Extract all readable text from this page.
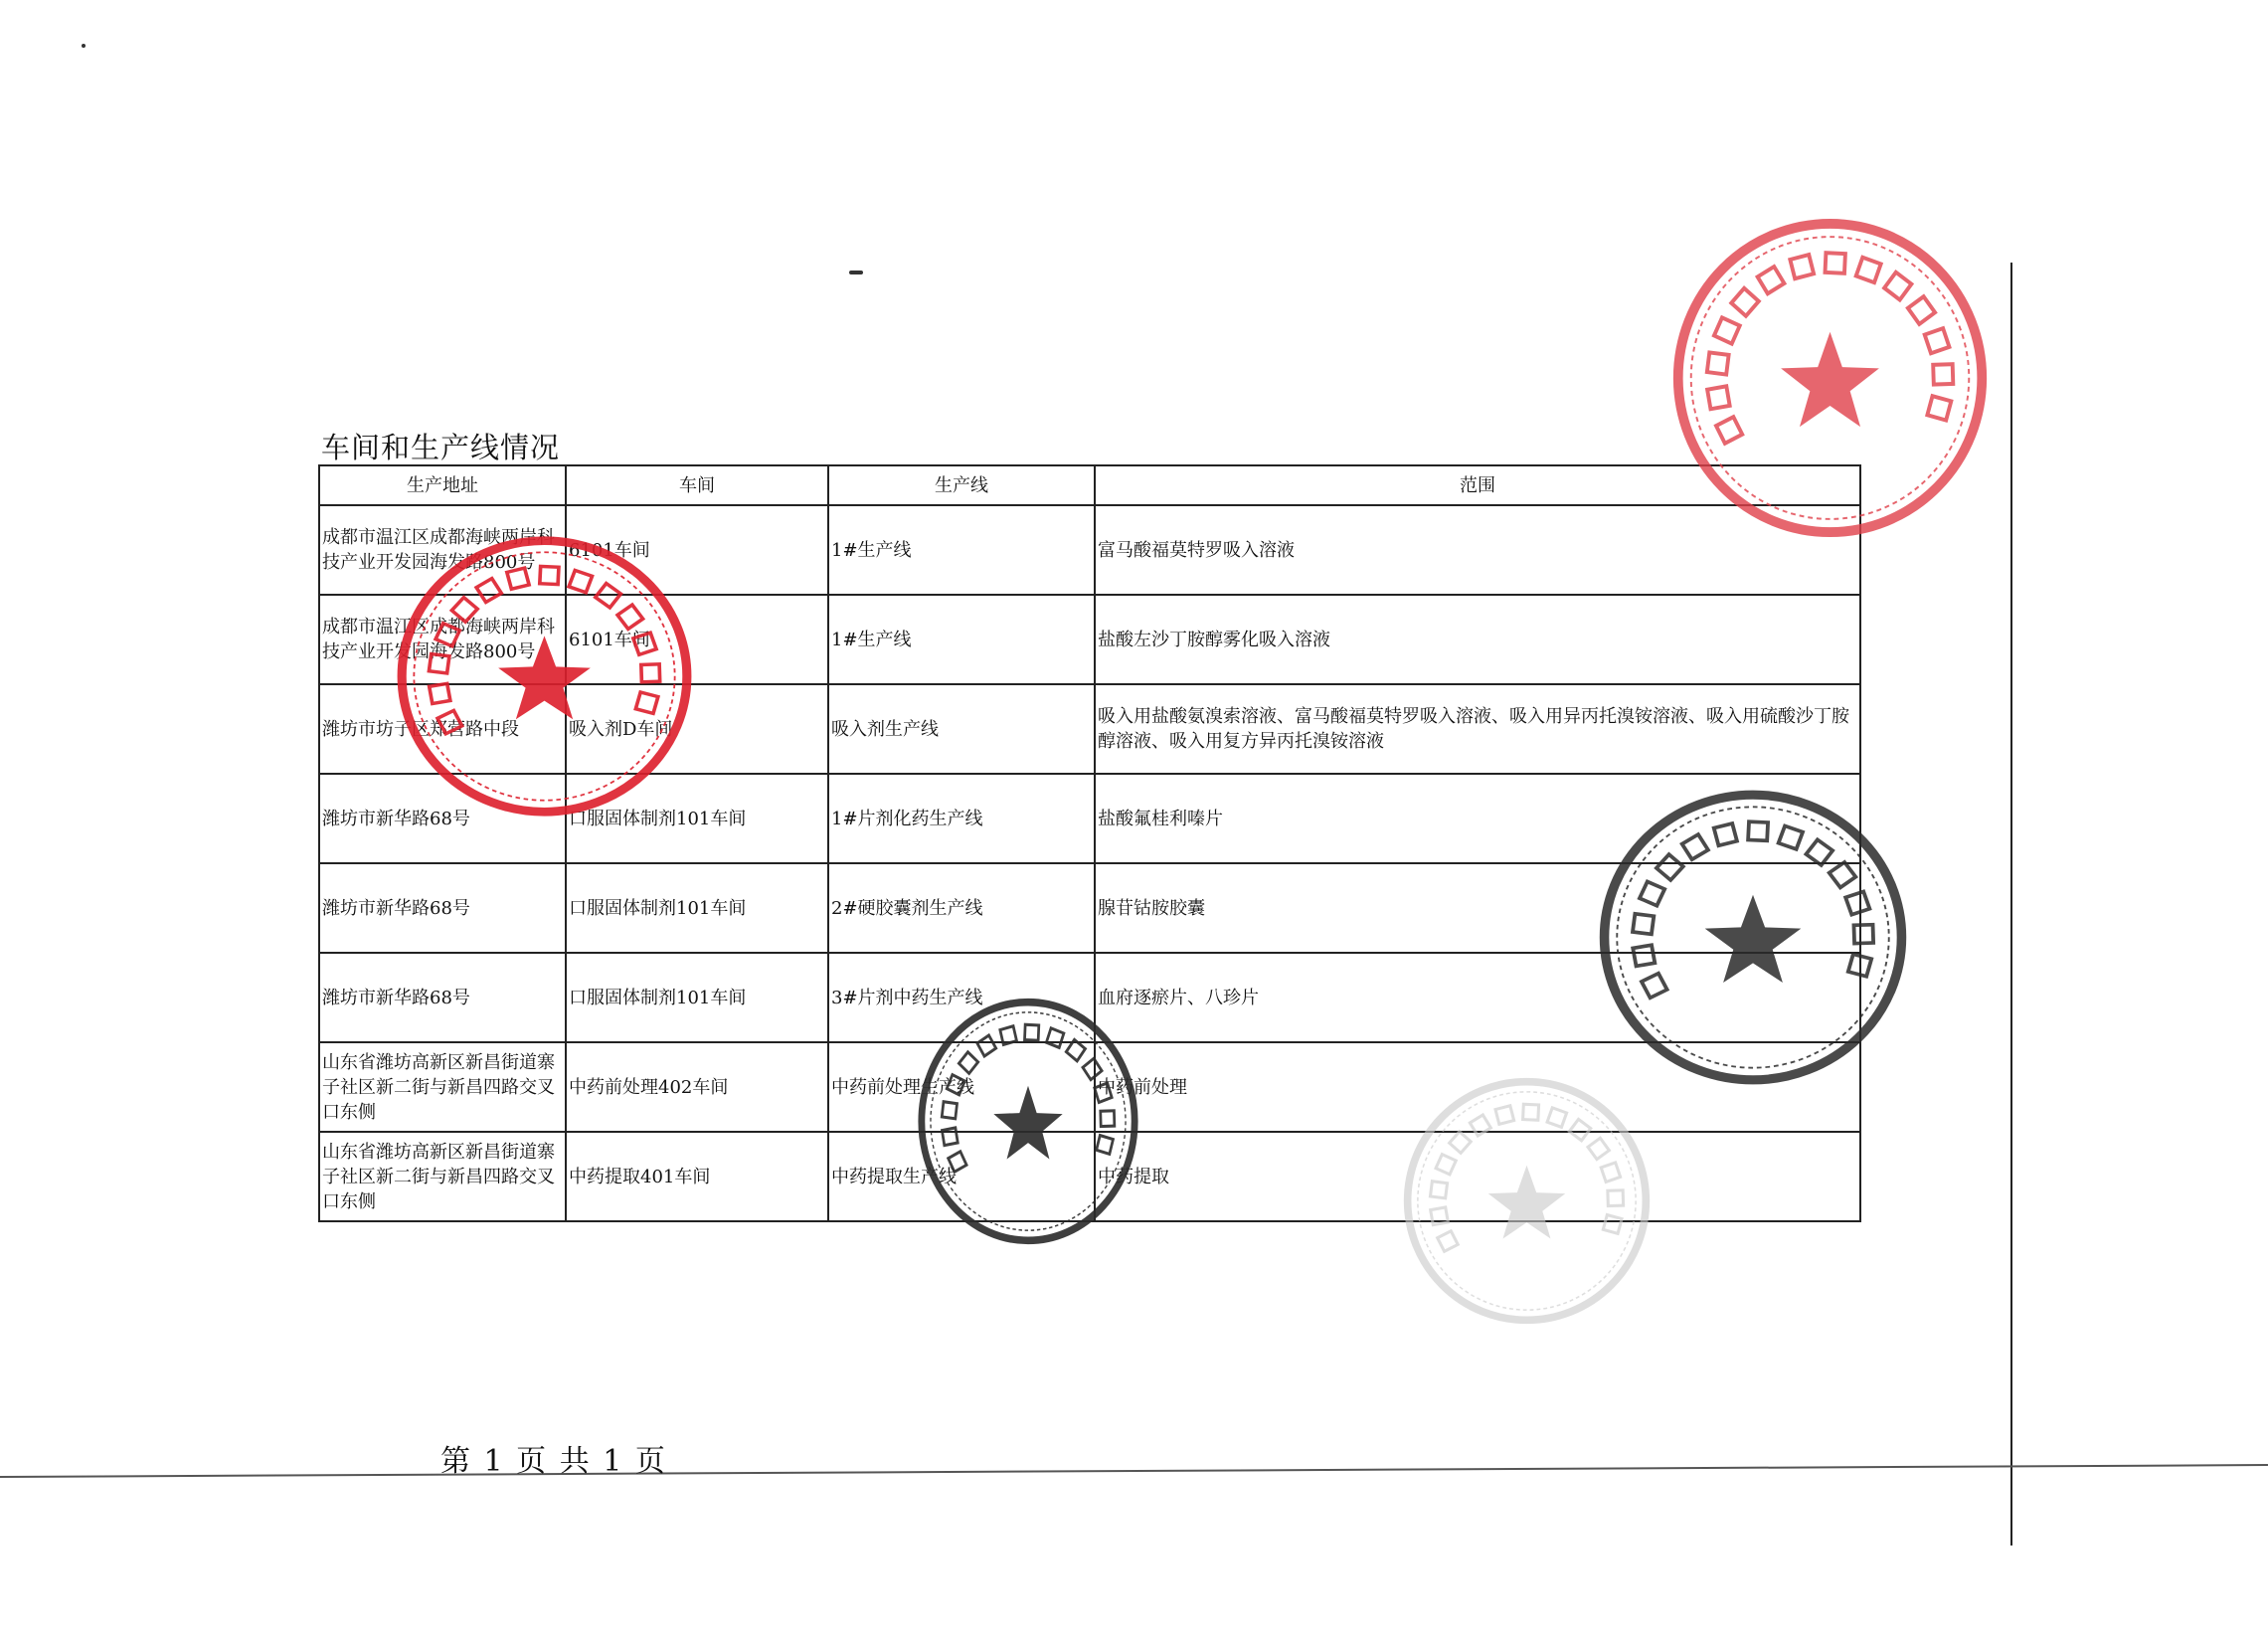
车间和生产线情况
生产地址	车间	生产线	范围
成都市温江区成都海峡两岸科技产业开发园海发路800号	6101车间	1#生产线	富马酸福莫特罗吸入溶液
成都市温江区成都海峡两岸科技产业开发园海发路800号	6101车间	1#生产线	盐酸左沙丁胺醇雾化吸入溶液
潍坊市坊子区郑营路中段	吸入剂D车间	吸入剂生产线	吸入用盐酸氨溴索溶液、富马酸福莫特罗吸入溶液、吸入用异丙托溴铵溶液、吸入用硫酸沙丁胺醇溶液、吸入用复方异丙托溴铵溶液
潍坊市新华路68号	口服固体制剂101车间	1#片剂化药生产线	盐酸氟桂利嗪片
潍坊市新华路68号	口服固体制剂101车间	2#硬胶囊剂生产线	腺苷钴胺胶囊
潍坊市新华路68号	口服固体制剂101车间	3#片剂中药生产线	血府逐瘀片、八珍片
山东省潍坊高新区新昌街道寨子社区新二街与新昌四路交叉口东侧	中药前处理402车间	中药前处理生产线	中药前处理
山东省潍坊高新区新昌街道寨子社区新二街与新昌四路交叉口东侧	中药提取401车间	中药提取生产线	中药提取
第 1 页 共 1 页
